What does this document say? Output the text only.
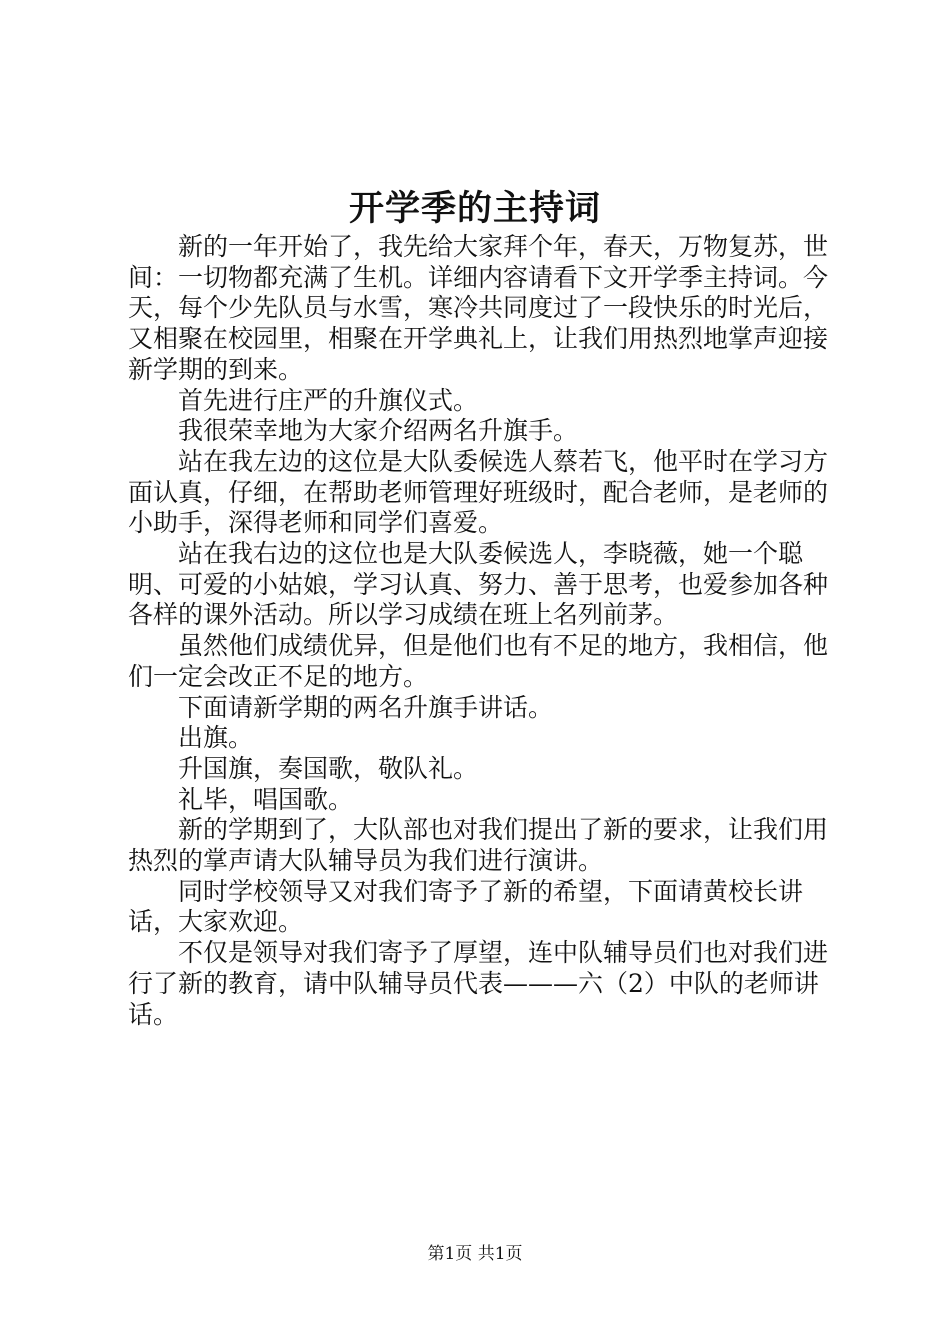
开学季的主持词

新的一年开始了，我先给大家拜个年，春天，万物复苏，世间：一切物都充满了生机。详细内容请看下文开学季主持词。今天，每个少先队员与水雪，寒冷共同度过了一段快乐的时光后，又相聚在校园里，相聚在开学典礼上，让我们用热烈地掌声迎接新学期的到来。

首先进行庄严的升旗仪式。

我很荣幸地为大家介绍两名升旗手。

站在我左边的这位是大队委候选人蔡若飞，他平时在学习方面认真，仔细，在帮助老师管理好班级时，配合老师，是老师的小助手，深得老师和同学们喜爱。

站在我右边的这位也是大队委候选人，李晓薇，她一个聪明、可爱的小姑娘，学习认真、努力、善于思考，也爱参加各种各样的课外活动。所以学习成绩在班上名列前茅。

虽然他们成绩优异，但是他们也有不足的地方，我相信，他们一定会改正不足的地方。

下面请新学期的两名升旗手讲话。

出旗。

升国旗，奏国歌，敬队礼。

礼毕，唱国歌。

新的学期到了，大队部也对我们提出了新的要求，让我们用热烈的掌声请大队辅导员为我们进行演讲。

同时学校领导又对我们寄予了新的希望，下面请黄校长讲话，大家欢迎。

不仅是领导对我们寄予了厚望，连中队辅导员们也对我们进行了新的教育，请中队辅导员代表———六（2）中队的老师讲话。

第1页 共1页
